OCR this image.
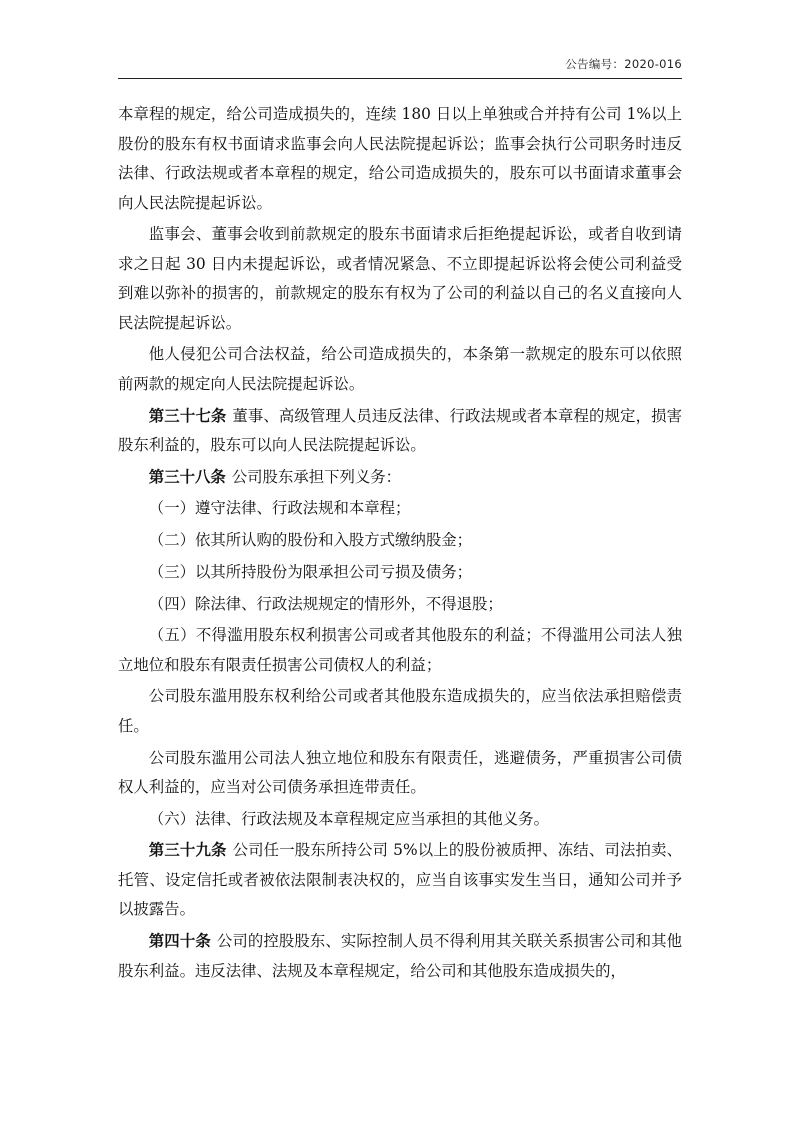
公告编号：2020-016

本章程的规定，给公司造成损失的，连续 180 日以上单独或合并持有公司 1%以上股份的股东有权书面请求监事会向人民法院提起诉讼；监事会执行公司职务时违反法律、行政法规或者本章程的规定，给公司造成损失的，股东可以书面请求董事会向人民法院提起诉讼。

监事会、董事会收到前款规定的股东书面请求后拒绝提起诉讼，或者自收到请求之日起 30 日内未提起诉讼，或者情况紧急、不立即提起诉讼将会使公司利益受到难以弥补的损害的，前款规定的股东有权为了公司的利益以自己的名义直接向人民法院提起诉讼。

他人侵犯公司合法权益，给公司造成损失的，本条第一款规定的股东可以依照前两款的规定向人民法院提起诉讼。

第三十七条 董事、高级管理人员违反法律、行政法规或者本章程的规定，损害股东利益的，股东可以向人民法院提起诉讼。

第三十八条 公司股东承担下列义务：

（一）遵守法律、行政法规和本章程；

（二）依其所认购的股份和入股方式缴纳股金；

（三）以其所持股份为限承担公司亏损及债务；

（四）除法律、行政法规规定的情形外，不得退股；

（五）不得滥用股东权利损害公司或者其他股东的利益；不得滥用公司法人独立地位和股东有限责任损害公司债权人的利益；

公司股东滥用股东权利给公司或者其他股东造成损失的，应当依法承担赔偿责任。

公司股东滥用公司法人独立地位和股东有限责任，逃避债务，严重损害公司债权人利益的，应当对公司债务承担连带责任。

（六）法律、行政法规及本章程规定应当承担的其他义务。

第三十九条 公司任一股东所持公司 5%以上的股份被质押、冻结、司法拍卖、托管、设定信托或者被依法限制表决权的，应当自该事实发生当日，通知公司并予以披露告。

第四十条 公司的控股股东、实际控制人员不得利用其关联关系损害公司和其他股东利益。违反法律、法规及本章程规定，给公司和其他股东造成损失的，
